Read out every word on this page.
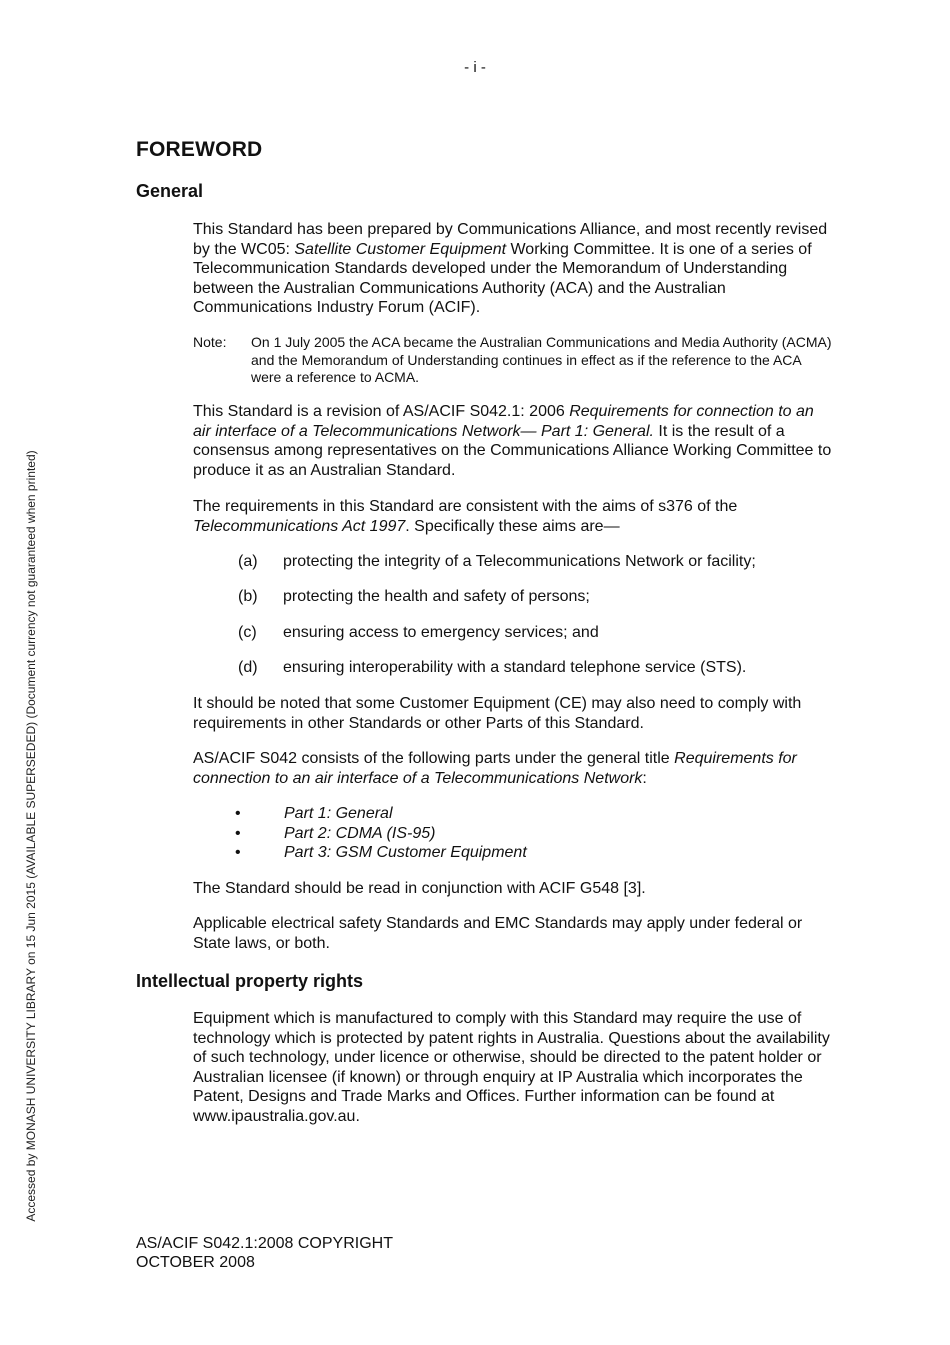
- i -
Accessed by MONASH UNIVERSITY LIBRARY on 15 Jun 2015 (AVAILABLE SUPERSEDED) (Document currency not guaranteed when printed)
FOREWORD
General

This Standard has been prepared by Communications Alliance, and most recently revised by the WC05: Satellite Customer Equipment Working Committee. It is one of a series of Telecommunication Standards developed under the Memorandum of Understanding between the Australian Communications Authority (ACA) and the Australian Communications Industry Forum (ACIF).

Note: On 1 July 2005 the ACA became the Australian Communications and Media Authority (ACMA) and the Memorandum of Understanding continues in effect as if the reference to the ACA were a reference to ACMA.

This Standard is a revision of AS/ACIF S042.1: 2006 Requirements for connection to an air interface of a Telecommunications Network— Part 1: General. It is the result of a consensus among representatives on the Communications Alliance Working Committee to produce it as an Australian Standard.

The requirements in this Standard are consistent with the aims of s376 of the Telecommunications Act 1997. Specifically these aims are—

(a) protecting the integrity of a Telecommunications Network or facility;
(b) protecting the health and safety of persons;
(c) ensuring access to emergency services; and
(d) ensuring interoperability with a standard telephone service (STS).

It should be noted that some Customer Equipment (CE) may also need to comply with requirements in other Standards or other Parts of this Standard.

AS/ACIF S042 consists of the following parts under the general title Requirements for connection to an air interface of a Telecommunications Network:

•	Part 1: General
•	Part 2: CDMA (IS-95)
•	Part 3: GSM Customer Equipment

The Standard should be read in conjunction with ACIF G548 [3].

Applicable electrical safety Standards and EMC Standards may apply under federal or State laws, or both.

Intellectual property rights

Equipment which is manufactured to comply with this Standard may require the use of technology which is protected by patent rights in Australia. Questions about the availability of such technology, under licence or otherwise, should be directed to the patent holder or Australian licensee (if known) or through enquiry at IP Australia which incorporates the Patent, Designs and Trade Marks and Offices. Further information can be found at www.ipaustralia.gov.au.

AS/ACIF S042.1:2008 COPYRIGHT
OCTOBER 2008
